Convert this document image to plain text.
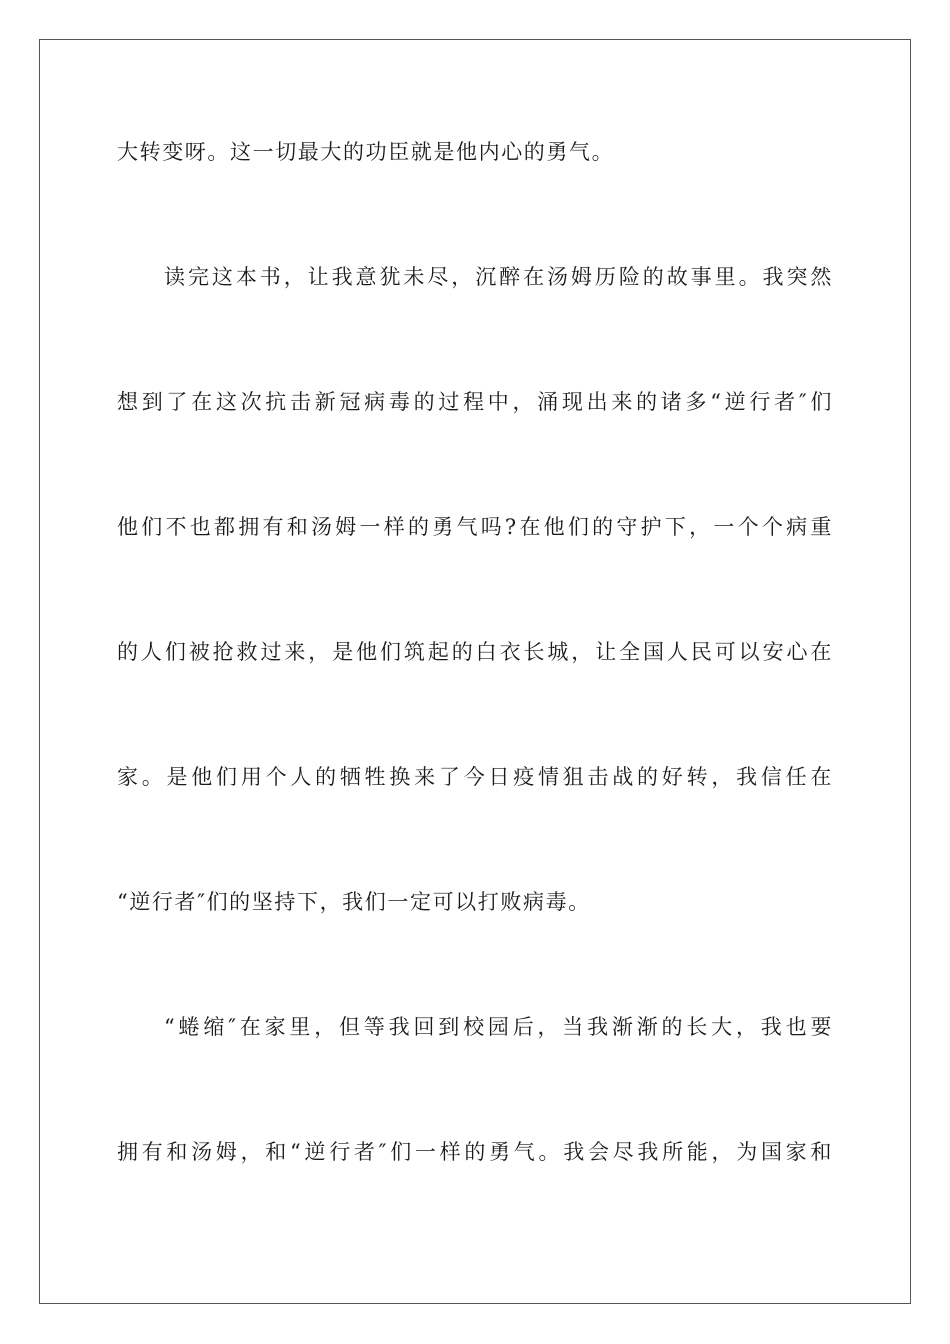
大转变呀。这一切最大的功臣就是他内心的勇气。
读完这本书，让我意犹未尽，沉醉在汤姆历险的故事里。我突然
想到了在这次抗击新冠病毒的过程中，涌现出来的诸多“逆行者″们
他们不也都拥有和汤姆一样的勇气吗?在他们的守护下，一个个病重
的人们被抢救过来，是他们筑起的白衣长城，让全国人民可以安心在
家。是他们用个人的牺牲换来了今日疫情狙击战的好转，我信任在
“逆行者″们的坚持下，我们一定可以打败病毒。
“蜷缩″在家里，但等我回到校园后，当我渐渐的长大，我也要
拥有和汤姆，和“逆行者″们一样的勇气。我会尽我所能，为国家和
